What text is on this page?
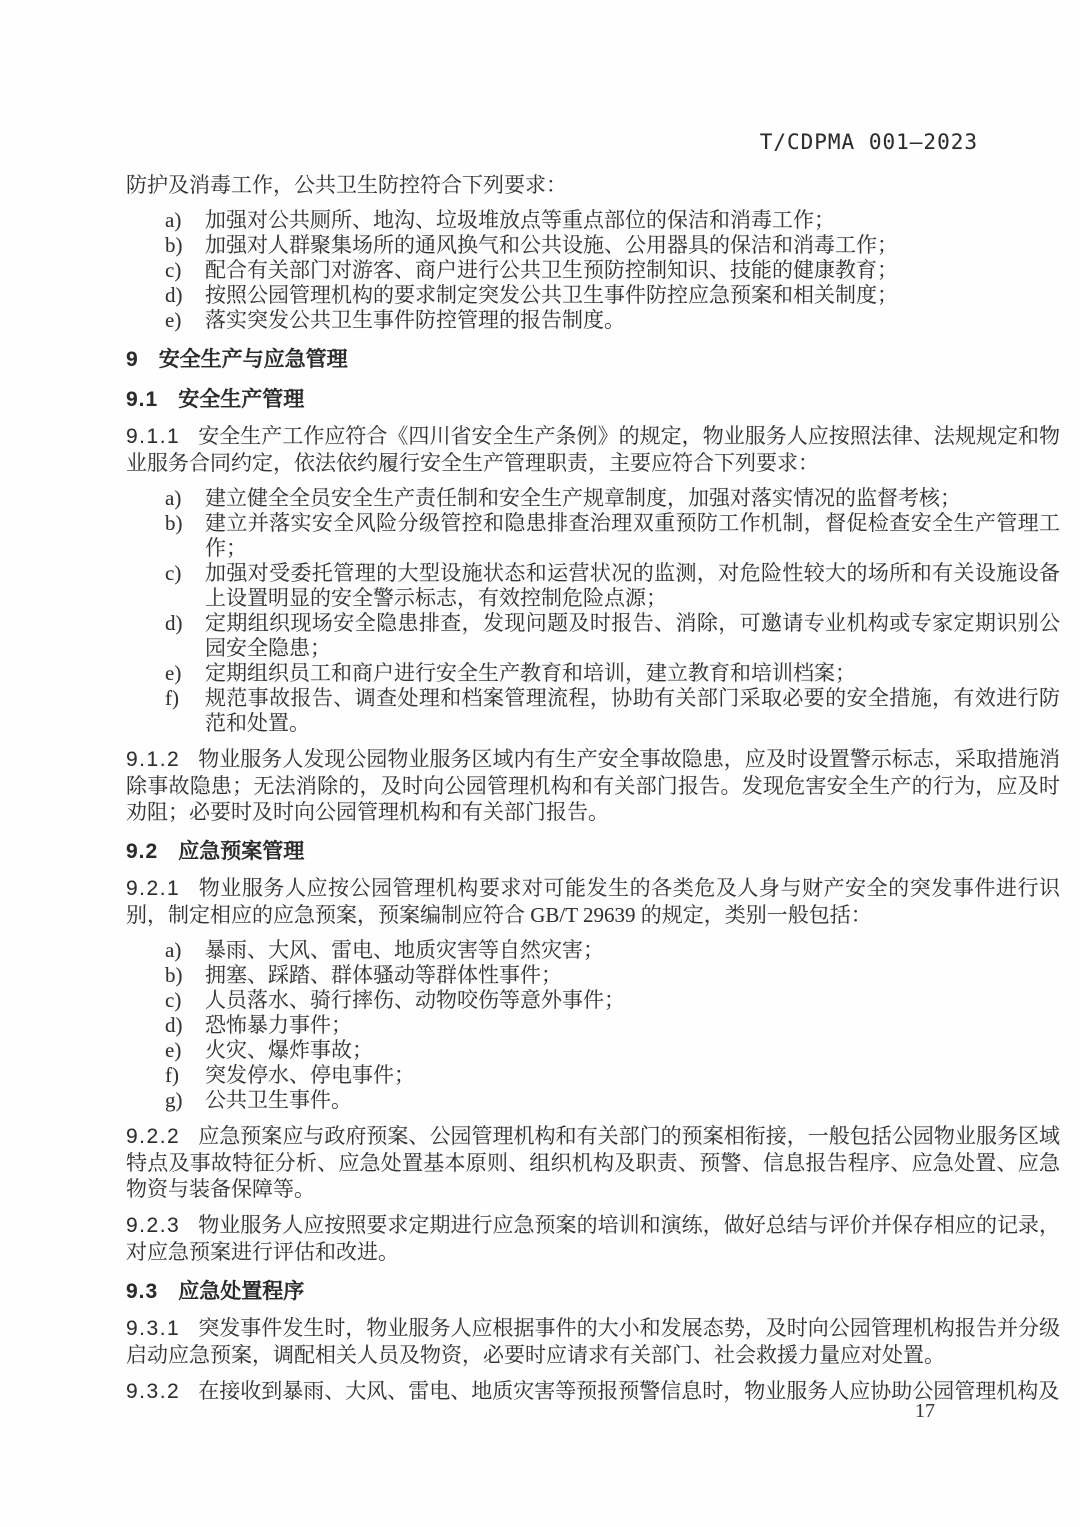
T/CDPMA 001—2023

防护及消毒工作，公共卫生防控符合下列要求：

a)	加强对公共厕所、地沟、垃圾堆放点等重点部位的保洁和消毒工作；
b)	加强对人群聚集场所的通风换气和公共设施、公用器具的保洁和消毒工作；
c)	配合有关部门对游客、商户进行公共卫生预防控制知识、技能的健康教育；
d)	按照公园管理机构的要求制定突发公共卫生事件防控应急预案和相关制度；
e)	落实突发公共卫生事件防控管理的报告制度。
9 安全生产与应急管理
9.1 安全生产管理

9.1.1 安全生产工作应符合《四川省安全生产条例》的规定，物业服务人应按照法律、法规规定和物业服务合同约定，依法依约履行安全生产管理职责，主要应符合下列要求：

a)	建立健全全员安全生产责任制和安全生产规章制度，加强对落实情况的监督考核；
b)	建立并落实安全风险分级管控和隐患排查治理双重预防工作机制，督促检查安全生产管理工作；
c)	加强对受委托管理的大型设施状态和运营状况的监测，对危险性较大的场所和有关设施设备上设置明显的安全警示标志，有效控制危险点源；
d)	定期组织现场安全隐患排查，发现问题及时报告、消除，可邀请专业机构或专家定期识别公园安全隐患；
e)	定期组织员工和商户进行安全生产教育和培训，建立教育和培训档案；
f)	规范事故报告、调查处理和档案管理流程，协助有关部门采取必要的安全措施，有效进行防范和处置。

9.1.2 物业服务人发现公园物业服务区域内有生产安全事故隐患，应及时设置警示标志，采取措施消除事故隐患；无法消除的，及时向公园管理机构和有关部门报告。发现危害安全生产的行为，应及时劝阻；必要时及时向公园管理机构和有关部门报告。

9.2 应急预案管理

9.2.1 物业服务人应按公园管理机构要求对可能发生的各类危及人身与财产安全的突发事件进行识别，制定相应的应急预案，预案编制应符合 GB/T 29639 的规定，类别一般包括：

a)	暴雨、大风、雷电、地质灾害等自然灾害；
b)	拥塞、踩踏、群体骚动等群体性事件；
c)	人员落水、骑行摔伤、动物咬伤等意外事件；
d)	恐怖暴力事件；
e)	火灾、爆炸事故；
f)	突发停水、停电事件；
g)	公共卫生事件。

9.2.2 应急预案应与政府预案、公园管理机构和有关部门的预案相衔接，一般包括公园物业服务区域特点及事故特征分析、应急处置基本原则、组织机构及职责、预警、信息报告程序、应急处置、应急物资与装备保障等。

9.2.3 物业服务人应按照要求定期进行应急预案的培训和演练，做好总结与评价并保存相应的记录，对应急预案进行评估和改进。

9.3 应急处置程序

9.3.1 突发事件发生时，物业服务人应根据事件的大小和发展态势，及时向公园管理机构报告并分级启动应急预案，调配相关人员及物资，必要时应请求有关部门、社会救援力量应对处置。

9.3.2 在接收到暴雨、大风、雷电、地质灾害等预报预警信息时，物业服务人应协助公园管理机构及

17
